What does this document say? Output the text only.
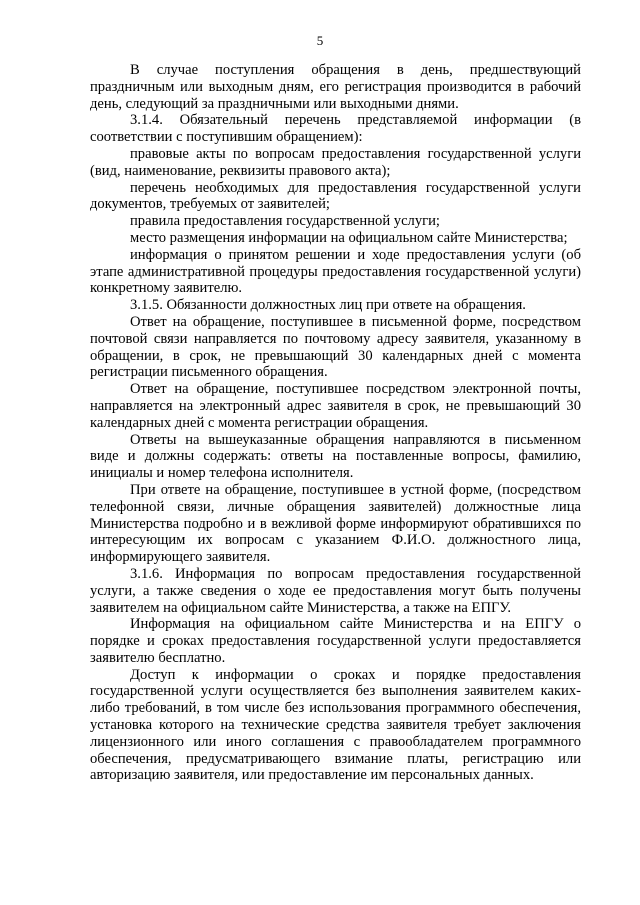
5

В случае поступления обращения в день, предшествующий праздничным или выходным дням, его регистрация производится в рабочий день, следующий за праздничными или выходными днями.

3.1.4. Обязательный перечень представляемой информации (в соответствии с поступившим обращением):

правовые акты по вопросам предоставления государственной услуги (вид, наименование, реквизиты правового акта);

перечень необходимых для предоставления государственной услуги документов, требуемых от заявителей;

правила предоставления государственной услуги;

место размещения информации на официальном сайте Министерства;

информация о принятом решении и ходе предоставления услуги (об этапе административной процедуры предоставления государственной услуги) конкретному заявителю.

3.1.5. Обязанности должностных лиц при ответе на обращения.

Ответ на обращение, поступившее в письменной форме, посредством почтовой связи направляется по почтовому адресу заявителя, указанному в обращении, в срок, не превышающий 30 календарных дней с момента регистрации письменного обращения.

Ответ на обращение, поступившее посредством электронной почты, направляется на электронный адрес заявителя в срок, не превышающий 30 календарных дней с момента регистрации обращения.

Ответы на вышеуказанные обращения направляются в письменном виде и должны содержать: ответы на поставленные вопросы, фамилию, инициалы и номер телефона исполнителя.

При ответе на обращение, поступившее в устной форме, (посредством телефонной связи, личные обращения заявителей) должностные лица Министерства подробно и в вежливой форме информируют обратившихся по интересующим их вопросам с указанием Ф.И.О. должностного лица, информирующего заявителя.

3.1.6. Информация по вопросам предоставления государственной услуги, а также сведения о ходе ее предоставления могут быть получены заявителем на официальном сайте Министерства, а также на ЕПГУ.

Информация на официальном сайте Министерства и на ЕПГУ о порядке и сроках предоставления государственной услуги предоставляется заявителю бесплатно.

Доступ к информации о сроках и порядке предоставления государственной услуги осуществляется без выполнения заявителем каких-либо требований, в том числе без использования программного обеспечения, установка которого на технические средства заявителя требует заключения лицензионного или иного соглашения с правообладателем программного обеспечения, предусматривающего взимание платы, регистрацию или авторизацию заявителя, или предоставление им персональных данных.
